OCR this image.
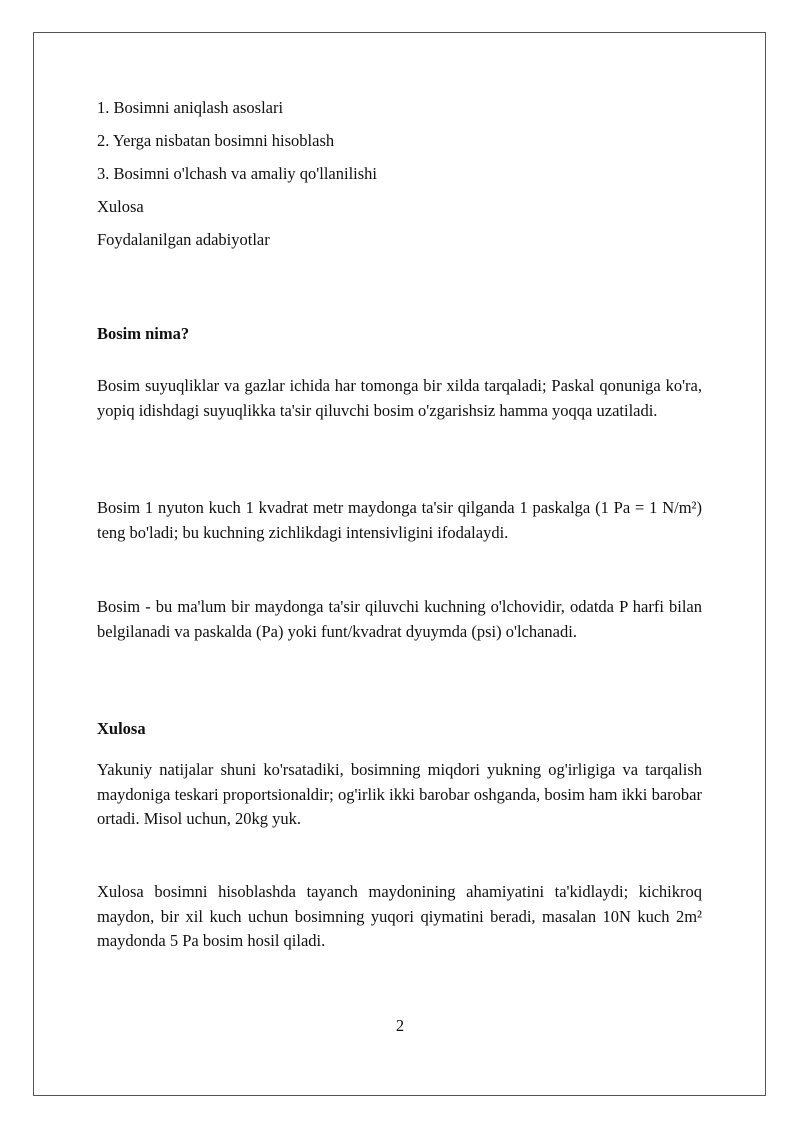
1. Bosimni aniqlash asoslari
2. Yerga nisbatan bosimni hisoblash
3. Bosimni o'lchash va amaliy qo'llanilishi
Xulosa
Foydalanilgan adabiyotlar
Bosim nima?

Bosim suyuqliklar va gazlar ichida har tomonga bir xilda tarqaladi; Paskal qonuniga ko'ra, yopiq idishdagi suyuqlikka ta'sir qiluvchi bosim o'zgarishsiz hamma yoqqa uzatiladi.

Bosim 1 nyuton kuch 1 kvadrat metr maydonga ta'sir qilganda 1 paskalga (1 Pa = 1 N/m²) teng bo'ladi; bu kuchning zichlikdagi intensivligini ifodalaydi.

Bosim - bu ma'lum bir maydonga ta'sir qiluvchi kuchning o'lchovidir, odatda P harfi bilan belgilanadi va paskalda (Pa) yoki funt/kvadrat dyuymda (psi) o'lchanadi.

Xulosa

Yakuniy natijalar shuni ko'rsatadiki, bosimning miqdori yukning og'irligiga va tarqalish maydoniga teskari proportsionaldir; og'irlik ikki barobar oshganda, bosim ham ikki barobar ortadi. Misol uchun, 20kg yuk.

Xulosa bosimni hisoblashda tayanch maydonining ahamiyatini ta'kidlaydi; kichikroq maydon, bir xil kuch uchun bosimning yuqori qiymatini beradi, masalan 10N kuch 2m² maydonda 5 Pa bosim hosil qiladi.

2
